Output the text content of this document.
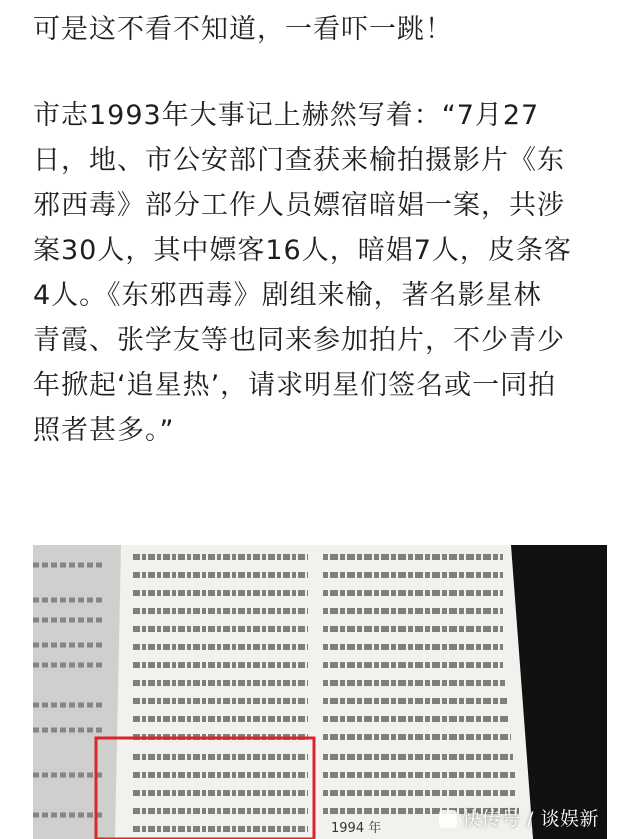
可是这不看不知道，一看吓一跳！

市志1993年大事记上赫然写着：“7月27
日，地、市公安部门查获来榆拍摄影片《东
邪西毒》部分工作人员嫖宿暗娼一案，共涉
案30人，其中嫖客16人，暗娼7人，皮条客
4人。《东邪西毒》剧组来榆，著名影星林
青霞、张学友等也同来参加拍片，不少青少
年掀起‘追星热’，请求明星们签名或一同拍
照者甚多。”

1994 年	快传号 / 谈娱新
